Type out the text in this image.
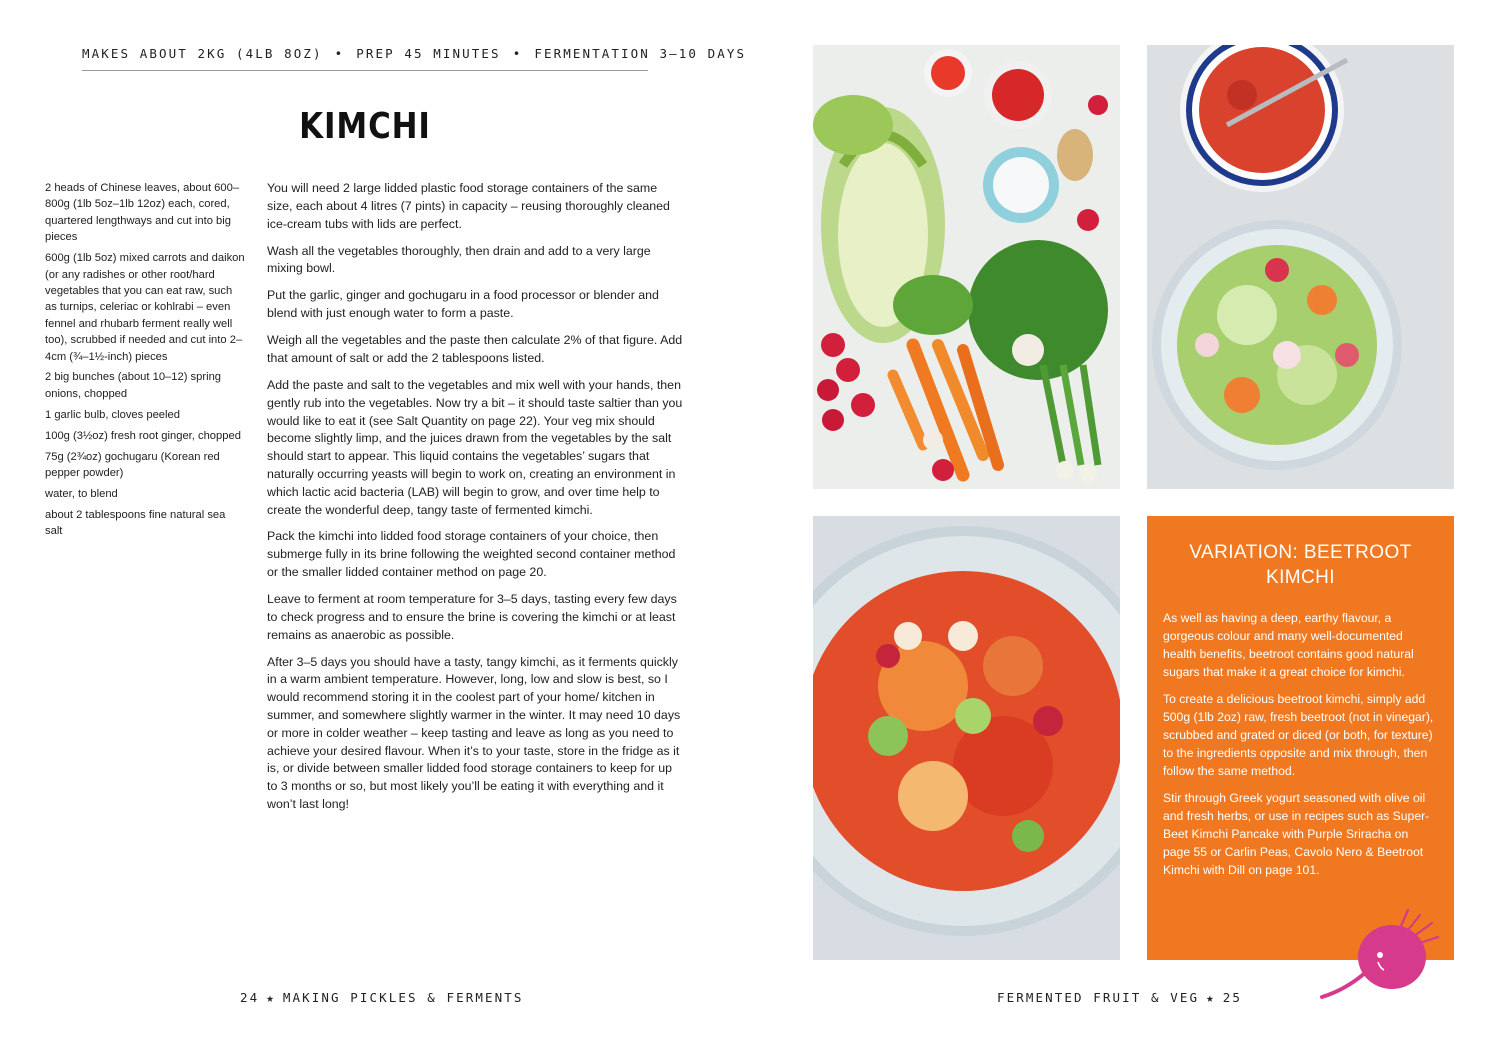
MAKES ABOUT 2KG (4LB 8OZ) • PREP 45 MINUTES • FERMENTATION 3–10 DAYS
KIMCHI
2 heads of Chinese leaves, about 600–800g (1lb 5oz–1lb 12oz) each, cored, quartered lengthways and cut into big pieces
600g (1lb 5oz) mixed carrots and daikon (or any radishes or other root/hard vegetables that you can eat raw, such as turnips, celeriac or kohlrabi – even fennel and rhubarb ferment really well too), scrubbed if needed and cut into 2–4cm (¾–1½-inch) pieces
2 big bunches (about 10–12) spring onions, chopped
1 garlic bulb, cloves peeled
100g (3½oz) fresh root ginger, chopped
75g (2¾oz) gochugaru (Korean red pepper powder)
water, to blend
about 2 tablespoons fine natural sea salt

You will need 2 large lidded plastic food storage containers of the same size, each about 4 litres (7 pints) in capacity – reusing thoroughly cleaned ice-cream tubs with lids are perfect.

Wash all the vegetables thoroughly, then drain and add to a very large mixing bowl.

Put the garlic, ginger and gochugaru in a food processor or blender and blend with just enough water to form a paste.

Weigh all the vegetables and the paste then calculate 2% of that figure. Add that amount of salt or add the 2 tablespoons listed.

Add the paste and salt to the vegetables and mix well with your hands, then gently rub into the vegetables. Now try a bit – it should taste saltier than you would like to eat it (see Salt Quantity on page 22). Your veg mix should become slightly limp, and the juices drawn from the vegetables by the salt should start to appear. This liquid contains the vegetables’ sugars that naturally occurring yeasts will begin to work on, creating an environment in which lactic acid bacteria (LAB) will begin to grow, and over time help to create the wonderful deep, tangy taste of fermented kimchi.

Pack the kimchi into lidded food storage containers of your choice, then submerge fully in its brine following the weighted second container method or the smaller lidded container method on page 20.

Leave to ferment at room temperature for 3–5 days, tasting every few days to check progress and to ensure the brine is covering the kimchi or at least remains as anaerobic as possible.

After 3–5 days you should have a tasty, tangy kimchi, as it ferments quickly in a warm ambient temperature. However, long, low and slow is best, so I would recommend storing it in the coolest part of your home/ kitchen in summer, and somewhere slightly warmer in the winter. It may need 10 days or more in colder weather – keep tasting and leave as long as you need to achieve your desired flavour. When it’s to your taste, store in the fridge as it is, or divide between smaller lidded food storage containers to keep for up to 3 months or so, but most likely you’ll be eating it with everything and it won’t last long!

VARIATION: BEETROOT KIMCHI

As well as having a deep, earthy flavour, a gorgeous colour and many well-documented health benefits, beetroot contains good natural sugars that make it a great choice for kimchi.

To create a delicious beetroot kimchi, simply add 500g (1lb 2oz) raw, fresh beetroot (not in vinegar), scrubbed and grated or diced (or both, for texture) to the ingredients opposite and mix through, then follow the same method.

Stir through Greek yogurt seasoned with olive oil and fresh herbs, or use in recipes such as Super-Beet Kimchi Pancake with Purple Sriracha on page 55 or Carlin Peas, Cavolo Nero & Beetroot Kimchi with Dill on page 101.

24 ★ MAKING PICKLES & FERMENTS	FERMENTED FRUIT & VEG ★ 25
